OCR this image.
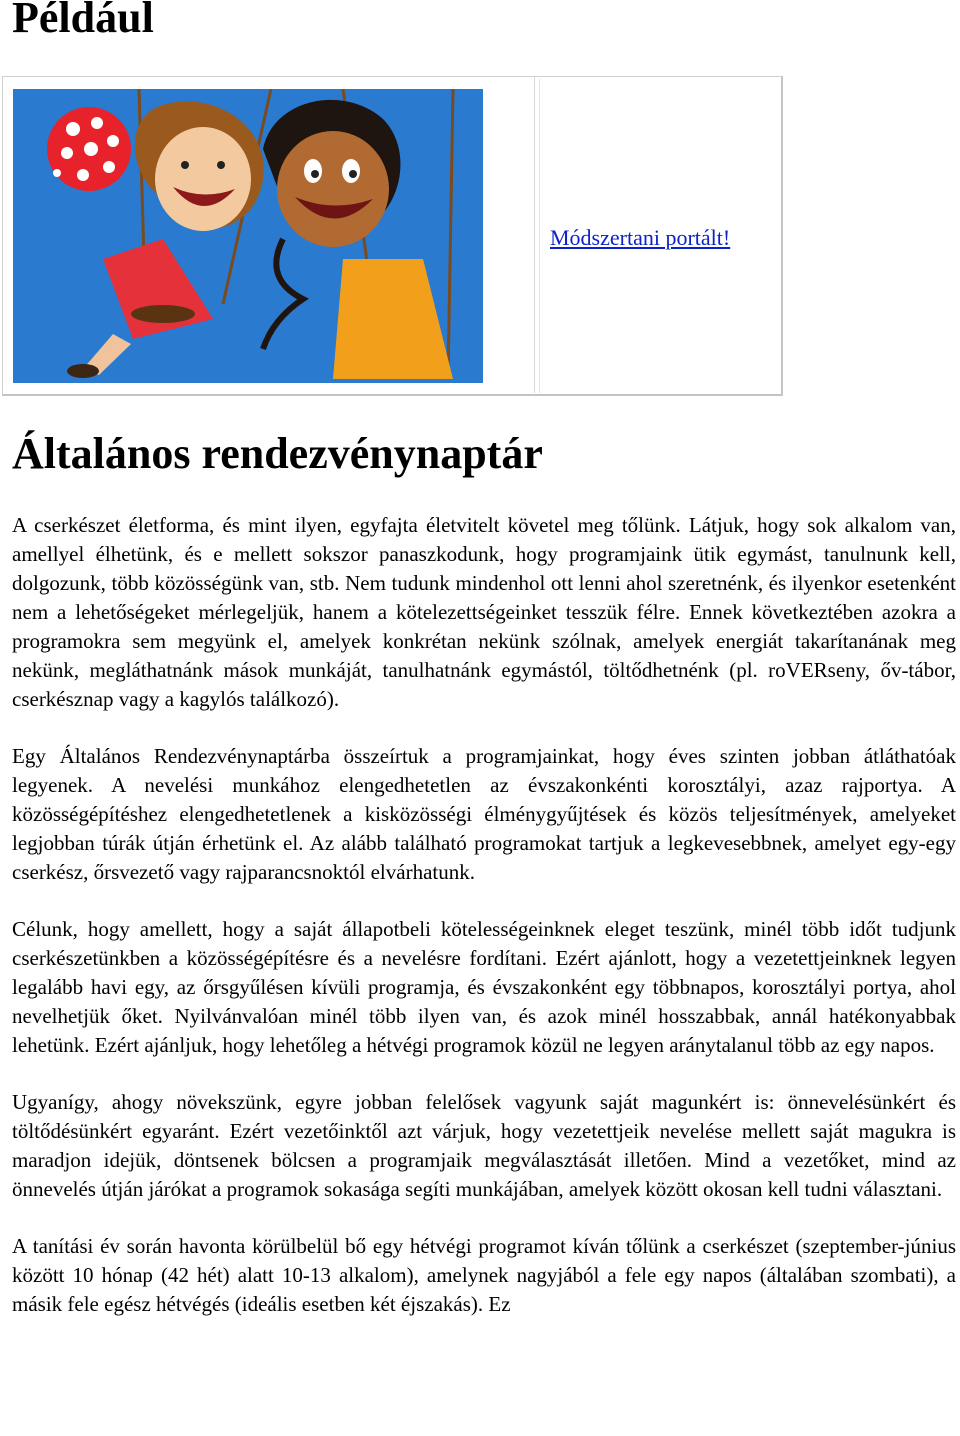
Például
Módszertani portált!
Általános rendezvénynaptár

A cserkészet életforma, és mint ilyen, egyfajta életvitelt követel meg tőlünk. Látjuk, hogy sok alkalom van, amellyel élhetünk, és e mellett sokszor panaszkodunk, hogy programjaink ütik egymást, tanulnunk kell, dolgozunk, több közösségünk van, stb. Nem tudunk mindenhol ott lenni ahol szeretnénk, és ilyenkor esetenként nem a lehetőségeket mérlegeljük, hanem a kötelezettségeinket tesszük félre. Ennek következtében azokra a programokra sem megyünk el, amelyek konkrétan nekünk szólnak, amelyek energiát takarítanának meg nekünk, megláthatnánk mások munkáját, tanulhatnánk egymástól, töltődhetnénk (pl. roVERseny, őv-tábor, cserkésznap vagy a kagylós találkozó).

Egy Általános Rendezvénynaptárba összeírtuk a programjainkat, hogy éves szinten jobban átláthatóak legyenek. A nevelési munkához elengedhetetlen az évszakonkénti korosztályi, azaz rajportya. A közösségépítéshez elengedhetetlenek a kisközösségi élménygyűjtések és közös teljesítmények, amelyeket legjobban túrák útján érhetünk el. Az alább található programokat tartjuk a legkevesebbnek, amelyet egy-egy cserkész, őrsvezető vagy rajparancsnoktól elvárhatunk.

Célunk, hogy amellett, hogy a saját állapotbeli kötelességeinknek eleget teszünk, minél több időt tudjunk cserkészetünkben a közösségépítésre és a nevelésre fordítani. Ezért ajánlott, hogy a vezetettjeinknek legyen legalább havi egy, az őrsgyűlésen kívüli programja, és évszakonként egy többnapos, korosztályi portya, ahol nevelhetjük őket. Nyilvánvalóan minél több ilyen van, és azok minél hosszabbak, annál hatékonyabbak lehetünk. Ezért ajánljuk, hogy lehetőleg a hétvégi programok közül ne legyen aránytalanul több az egy napos.

Ugyanígy, ahogy növekszünk, egyre jobban felelősek vagyunk saját magunkért is: önnevelésünkért és töltődésünkért egyaránt. Ezért vezetőinktől azt várjuk, hogy vezetettjeik nevelése mellett saját magukra is maradjon idejük, döntsenek bölcsen a programjaik megválasztását illetően. Mind a vezetőket, mind az önnevelés útján járókat a programok sokasága segíti munkájában, amelyek között okosan kell tudni választani.

A tanítási év során havonta körülbelül bő egy hétvégi programot kíván tőlünk a cserkészet (szeptember-június között 10 hónap (42 hét) alatt 10-13 alkalom), amelynek nagyjából a fele egy napos (általában szombati), a másik fele egész hétvégés (ideális esetben két éjszakás). Ez
